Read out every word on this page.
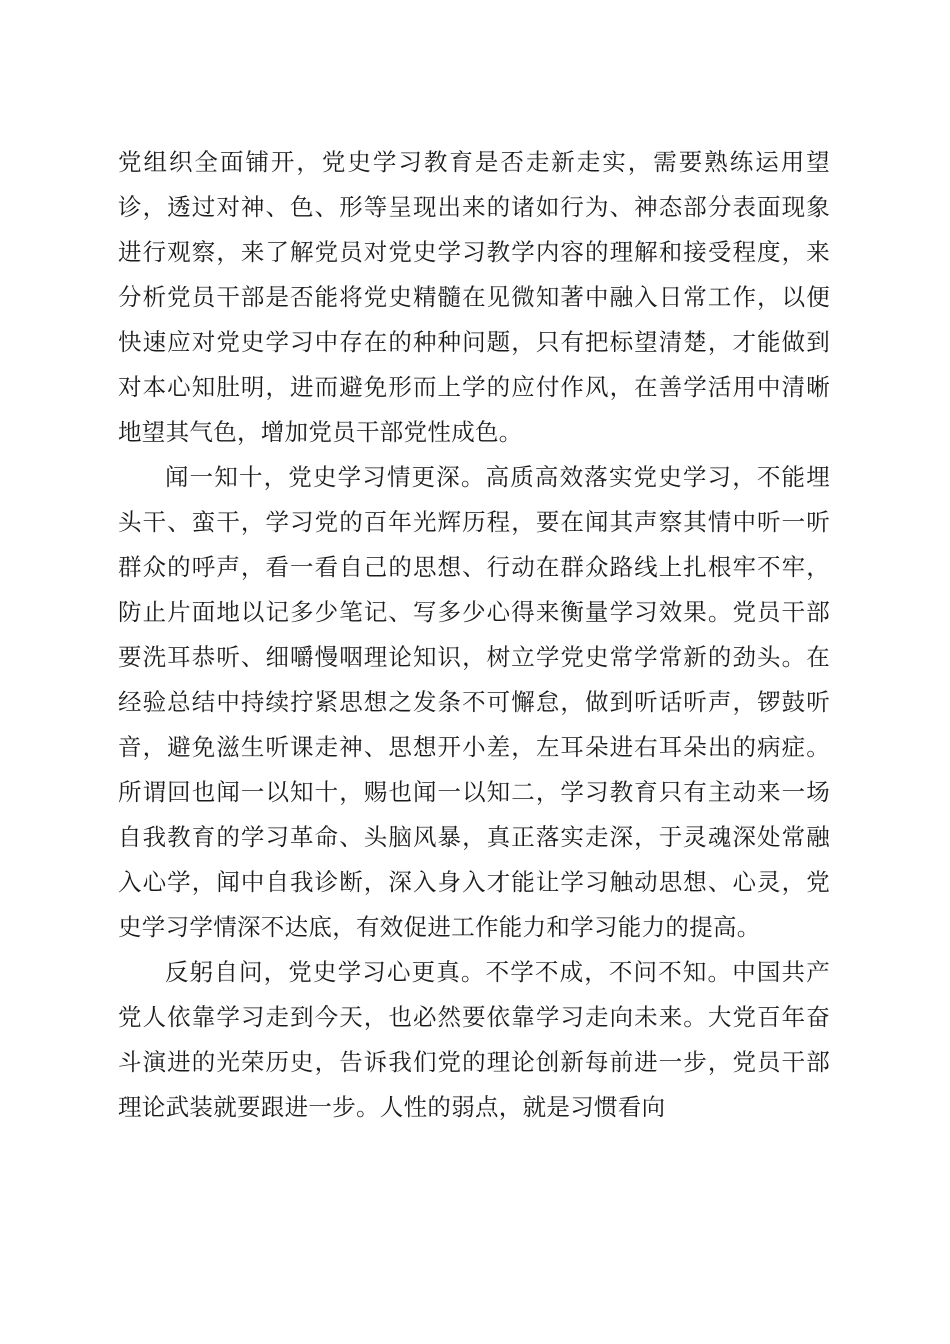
党组织全面铺开，党史学习教育是否走新走实，需要熟练运用望诊，透过对神、色、形等呈现出来的诸如行为、神态部分表面现象进行观察，来了解党员对党史学习教学内容的理解和接受程度，来分析党员干部是否能将党史精髓在见微知著中融入日常工作，以便快速应对党史学习中存在的种种问题，只有把标望清楚，才能做到对本心知肚明，进而避免形而上学的应付作风，在善学活用中清晰地望其气色，增加党员干部党性成色。

闻一知十，党史学习情更深。高质高效落实党史学习，不能埋头干、蛮干，学习党的百年光辉历程，要在闻其声察其情中听一听群众的呼声，看一看自己的思想、行动在群众路线上扎根牢不牢，防止片面地以记多少笔记、写多少心得来衡量学习效果。党员干部要洗耳恭听、细嚼慢咽理论知识，树立学党史常学常新的劲头。在经验总结中持续拧紧思想之发条不可懈怠，做到听话听声，锣鼓听音，避免滋生听课走神、思想开小差，左耳朵进右耳朵出的病症。所谓回也闻一以知十，赐也闻一以知二，学习教育只有主动来一场自我教育的学习革命、头脑风暴，真正落实走深，于灵魂深处常融入心学，闻中自我诊断，深入身入才能让学习触动思想、心灵，党史学习学情深不达底，有效促进工作能力和学习能力的提高。

反躬自问，党史学习心更真。不学不成，不问不知。中国共产党人依靠学习走到今天，也必然要依靠学习走向未来。大党百年奋斗演进的光荣历史，告诉我们党的理论创新每前进一步，党员干部理论武装就要跟进一步。人性的弱点，就是习惯看向
